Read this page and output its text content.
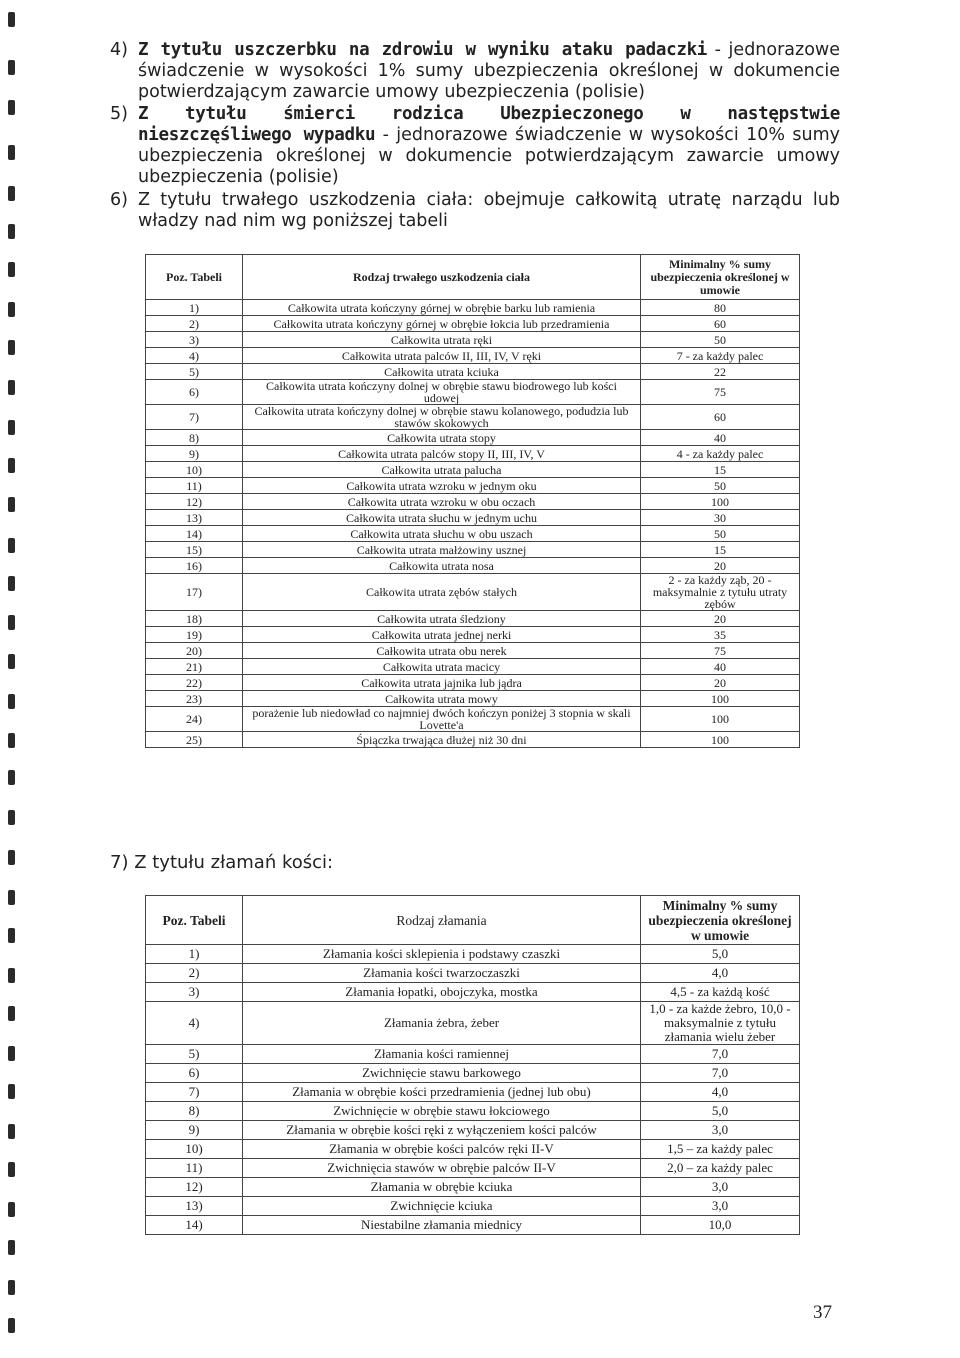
4) Z tytułu uszczerbku na zdrowiu w wyniku ataku padaczki - jednorazowe świadczenie w wysokości 1% sumy ubezpieczenia określonej w dokumencie potwierdzającym zawarcie umowy ubezpieczenia (polisie)
5) Z tytułu śmierci rodzica Ubezpieczonego w następstwie nieszczęśliwego wypadku - jednorazowe świadczenie w wysokości 10% sumy ubezpieczenia określonej w dokumencie potwierdzającym zawarcie umowy ubezpieczenia (polisie)
6) Z tytułu trwałego uszkodzenia ciała: obejmuje całkowitą utratę narządu lub władzy nad nim wg poniższej tabeli
Poz. Tabeli	Rodzaj trwałego uszkodzenia ciała	Minimalny % sumy ubezpieczenia określonej w umowie
1)	Całkowita utrata kończyny górnej w obrębie barku lub ramienia	80
2)	Całkowita utrata kończyny górnej w obrębie łokcia lub przedramienia	60
3)	Całkowita utrata ręki	50
4)	Całkowita utrata palców II, III, IV, V ręki	7 - za każdy palec
5)	Całkowita utrata kciuka	22
6)	Całkowita utrata kończyny dolnej w obrębie stawu biodrowego lub kości udowej	75
7)	Całkowita utrata kończyny dolnej w obrębie stawu kolanowego, podudzia lub stawów skokowych	60
8)	Całkowita utrata stopy	40
9)	Całkowita utrata palców stopy II, III, IV, V	4 - za każdy palec
10)	Całkowita utrata palucha	15
11)	Całkowita utrata wzroku w jednym oku	50
12)	Całkowita utrata wzroku w obu oczach	100
13)	Całkowita utrata słuchu w jednym uchu	30
14)	Całkowita utrata słuchu w obu uszach	50
15)	Całkowita utrata małżowiny usznej	15
16)	Całkowita utrata nosa	20
17)	Całkowita utrata zębów stałych	2 - za każdy ząb, 20 - maksymalnie z tytułu utraty zębów
18)	Całkowita utrata śledziony	20
19)	Całkowita utrata jednej nerki	35
20)	Całkowita utrata obu nerek	75
21)	Całkowita utrata macicy	40
22)	Całkowita utrata jajnika lub jądra	20
23)	Całkowita utrata mowy	100
24)	porażenie lub niedowład co najmniej dwóch kończyn poniżej 3 stopnia w skali Lovette'a	100
25)	Śpiączka trwająca dłużej niż 30 dni	100
7) Z tytułu złamań kości:
Poz. Tabeli	Rodzaj złamania	Minimalny % sumy ubezpieczenia określonej w umowie
1)	Złamania kości sklepienia i podstawy czaszki	5,0
2)	Złamania kości twarzoczaszki	4,0
3)	Złamania łopatki, obojczyka, mostka	4,5 - za każdą kość
4)	Złamania żebra, żeber	1,0 - za każde żebro, 10,0 - maksymalnie z tytułu złamania wielu żeber
5)	Złamania kości ramiennej	7,0
6)	Zwichnięcie stawu barkowego	7,0
7)	Złamania w obrębie kości przedramienia (jednej lub obu)	4,0
8)	Zwichnięcie w obrębie stawu łokciowego	5,0
9)	Złamania w obrębie kości ręki z wyłączeniem kości palców	3,0
10)	Złamania w obrębie kości palców ręki II-V	1,5 – za każdy palec
11)	Zwichnięcia stawów w obrębie palców II-V	2,0 – za każdy palec
12)	Złamania w obrębie kciuka	3,0
13)	Zwichnięcie kciuka	3,0
14)	Niestabilne złamania miednicy	10,0
37
